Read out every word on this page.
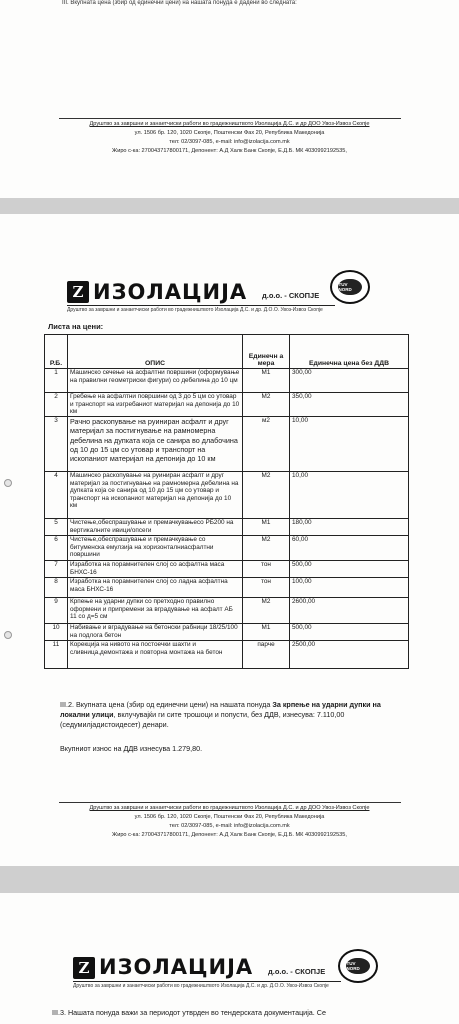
III. Вкупната цена (збир од единечни цени) на нашата понуда е дадени во следната:
Друштво за завршни и занаетчиски работи во градежништвото Изолација Д.С. и др ДОО Увоз-Извоз Скопје
ул. 1506 бр. 120, 1020 Скопје, Поштенски Фах 20, Република Македонија
тел: 02/3097-085, e-mail: info@izolacija.com.mk
Жиро с-ка: 270043717800171, Депонент: А.Д Халк Банк Скопје, Е.Д.Б. МК 4030992192535,
Z ИЗОЛАЦИЈА д.о.о. - СКОПЈЕ
Друштво за завршни и занаетчиски работи во градежништвото Изолација Д.С. и др. Д.О.О. Увоз-Извоз Скопје
TUV NORD
Листа на цени:
Р.Б.	ОПИС	Единечн а мера	Единечна цена без ДДВ
1	Машинско сечење на асфалтни површини (оформување на правилни геометриски фигури) со дебелина до 10 цм	М1	300,00
2	Гребење на асфалтни површини од 3 до 5 цм со утовар и транспорт на изгребаниот материјал на депонија до 10 км	М2	350,00
3	Рачно раскопување на руиниран асфалт и друг материјал за постигнување на рамномерна дебелина на дупката која се санира во длабочина од 10 до 15 цм со утовар и транспорт на ископаниот материјал на депонија до 10 км	м2	10,00
4	Машинско раскопување на руиниран асфалт и друг материјал за постигнување на рамномерна дебелина на дупката која се санира од 10 до 15 цм со утовар и транспорт на ископаниот материјал на депонија до 10 км	М2	10,00
5	Чистење,обеспрашување и премачкувањесо РБ200 на вертикалните ивици/опсеги	М1	180,00
6	Чистење,обеспрашување и премачкување со битуменска емулзија на хоризонталниасфалтни површини	М2	60,00
7	Изработка на порамнителен слој со асфалтна маса БНХС-16	тон	500,00
8	Изработка на порамнителен слој со ладна асфалтна маса БНХС-16	тон	100,00
9	Крпење на ударни дупки со претходно правилно оформени и припремени за вградување на асфалт АБ 11 со д=5 см	М2	2600,00
10	Набивање и вградување на бетонски рабници 18/25/100 на подлога бетон	М1	500,00
11	Корекција на нивото на постоечки шахти и сливница,демонтажа и повторна монтажа на бетон	парче	2500,00
III.2. Вкупната цена (збир од единечни цени) на нашата понуда За крпење на ударни дупки на локални улици, вклучувајќи ги сите трошоци и попусти, без ДДВ, изнесува: 7.110,00 (седумилјадистоидесет) денари.
Вкупниот износ на ДДВ изнесува 1.279,80.
Друштво за завршни и занаетчиски работи во градежништвото Изолација Д.С. и др ДОО Увоз-Извоз Скопје
ул. 1506 бр. 120, 1020 Скопје, Поштенски Фах 20, Република Македонија
тел: 02/3097-085, e-mail: info@izolacija.com.mk
Жиро с-ка: 270043717800171, Депонент: А.Д Халк Банк Скопје, Е.Д.Б. МК 4030992192535,
Z ИЗОЛАЦИЈА д.о.о. - СКОПЈЕ
Друштво за завршни и занаетчиски работи во градежништвото Изолација Д.С. и др. Д.О.О. Увоз-Извоз Скопје
TUV NORD
III.3. Нашата понуда важи за периодот утврден во тендерската документација. Се
